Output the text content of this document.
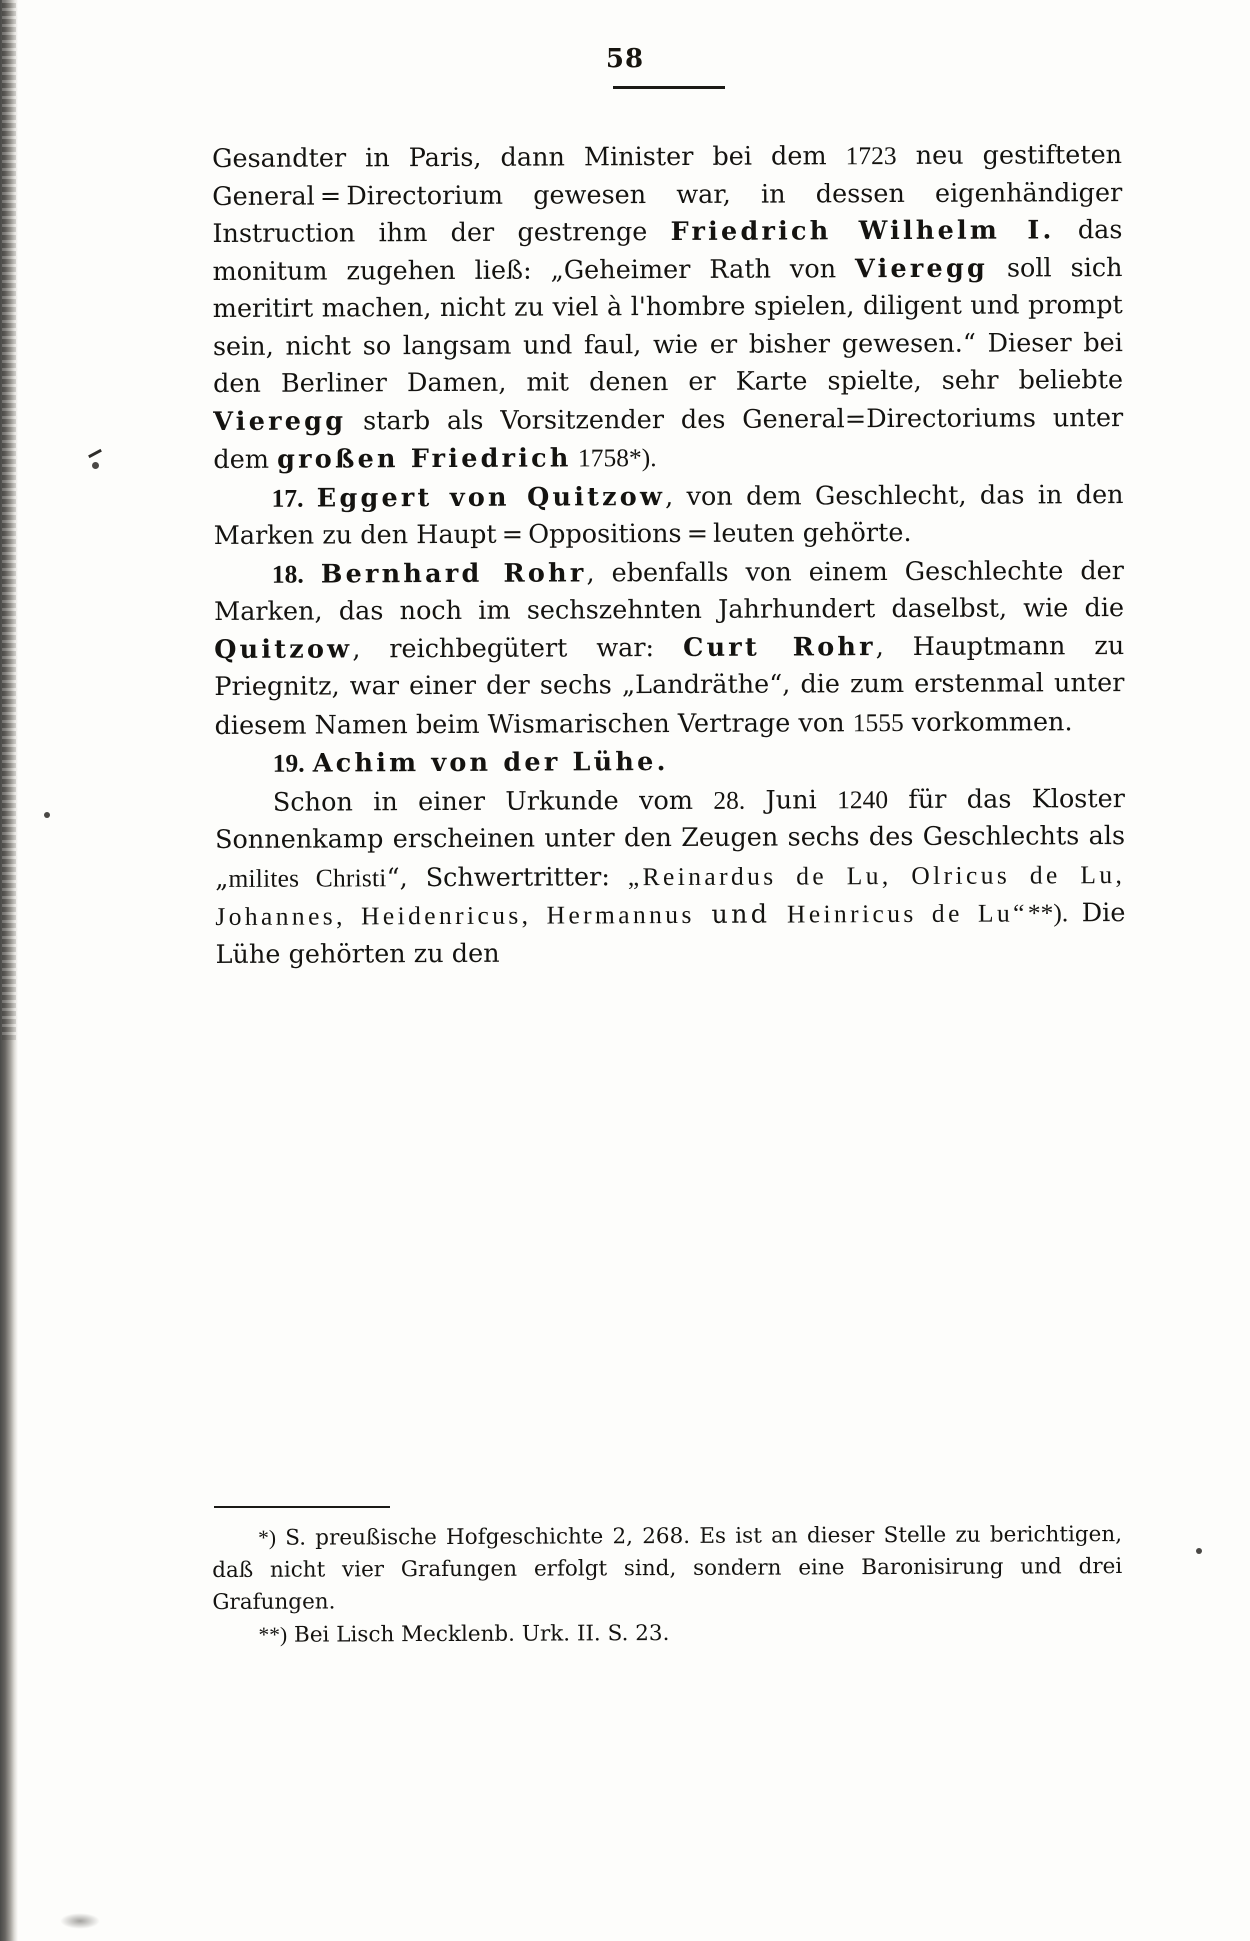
58

Gesandter in Paris, dann Minister bei dem 1723 neu gestifteten General = Directorium gewesen war, in dessen eigenhändiger Instruction ihm der gestrenge Friedrich Wilhelm I. das monitum zugehen ließ: „Geheimer Rath von Vieregg soll sich meritirt machen, nicht zu viel à l'hombre spielen, diligent und prompt sein, nicht so langsam und faul, wie er bisher gewesen.“ Dieser bei den Berliner Damen, mit denen er Karte spielte, sehr beliebte Vieregg starb als Vorsitzender des General=Directoriums unter dem großen Friedrich 1758*).

17. Eggert von Quitzow, von dem Geschlecht, das in den Marken zu den Haupt = Oppositions = leuten gehörte.

18. Bernhard Rohr, ebenfalls von einem Geschlechte der Marken, das noch im sechszehnten Jahrhundert daselbst, wie die Quitzow, reichbegütert war: Curt Rohr, Hauptmann zu Priegnitz, war einer der sechs „Landräthe“, die zum erstenmal unter diesem Namen beim Wismarischen Vertrage von 1555 vorkommen.

19. Achim von der Lühe.

Schon in einer Urkunde vom 28. Juni 1240 für das Kloster Sonnenkamp erscheinen unter den Zeugen sechs des Geschlechts als „milites Christi“, Schwertritter: „Reinardus de Lu, Olricus de Lu, Johannes, Heidenricus, Hermannus und Heinricus de Lu“**). Die Lühe gehörten zu den

*) S. preußische Hofgeschichte 2, 268. Es ist an dieser Stelle zu berichtigen, daß nicht vier Grafungen erfolgt sind, sondern eine Baronisirung und drei Grafungen.

**) Bei Lisch Mecklenb. Urk. II. S. 23.
